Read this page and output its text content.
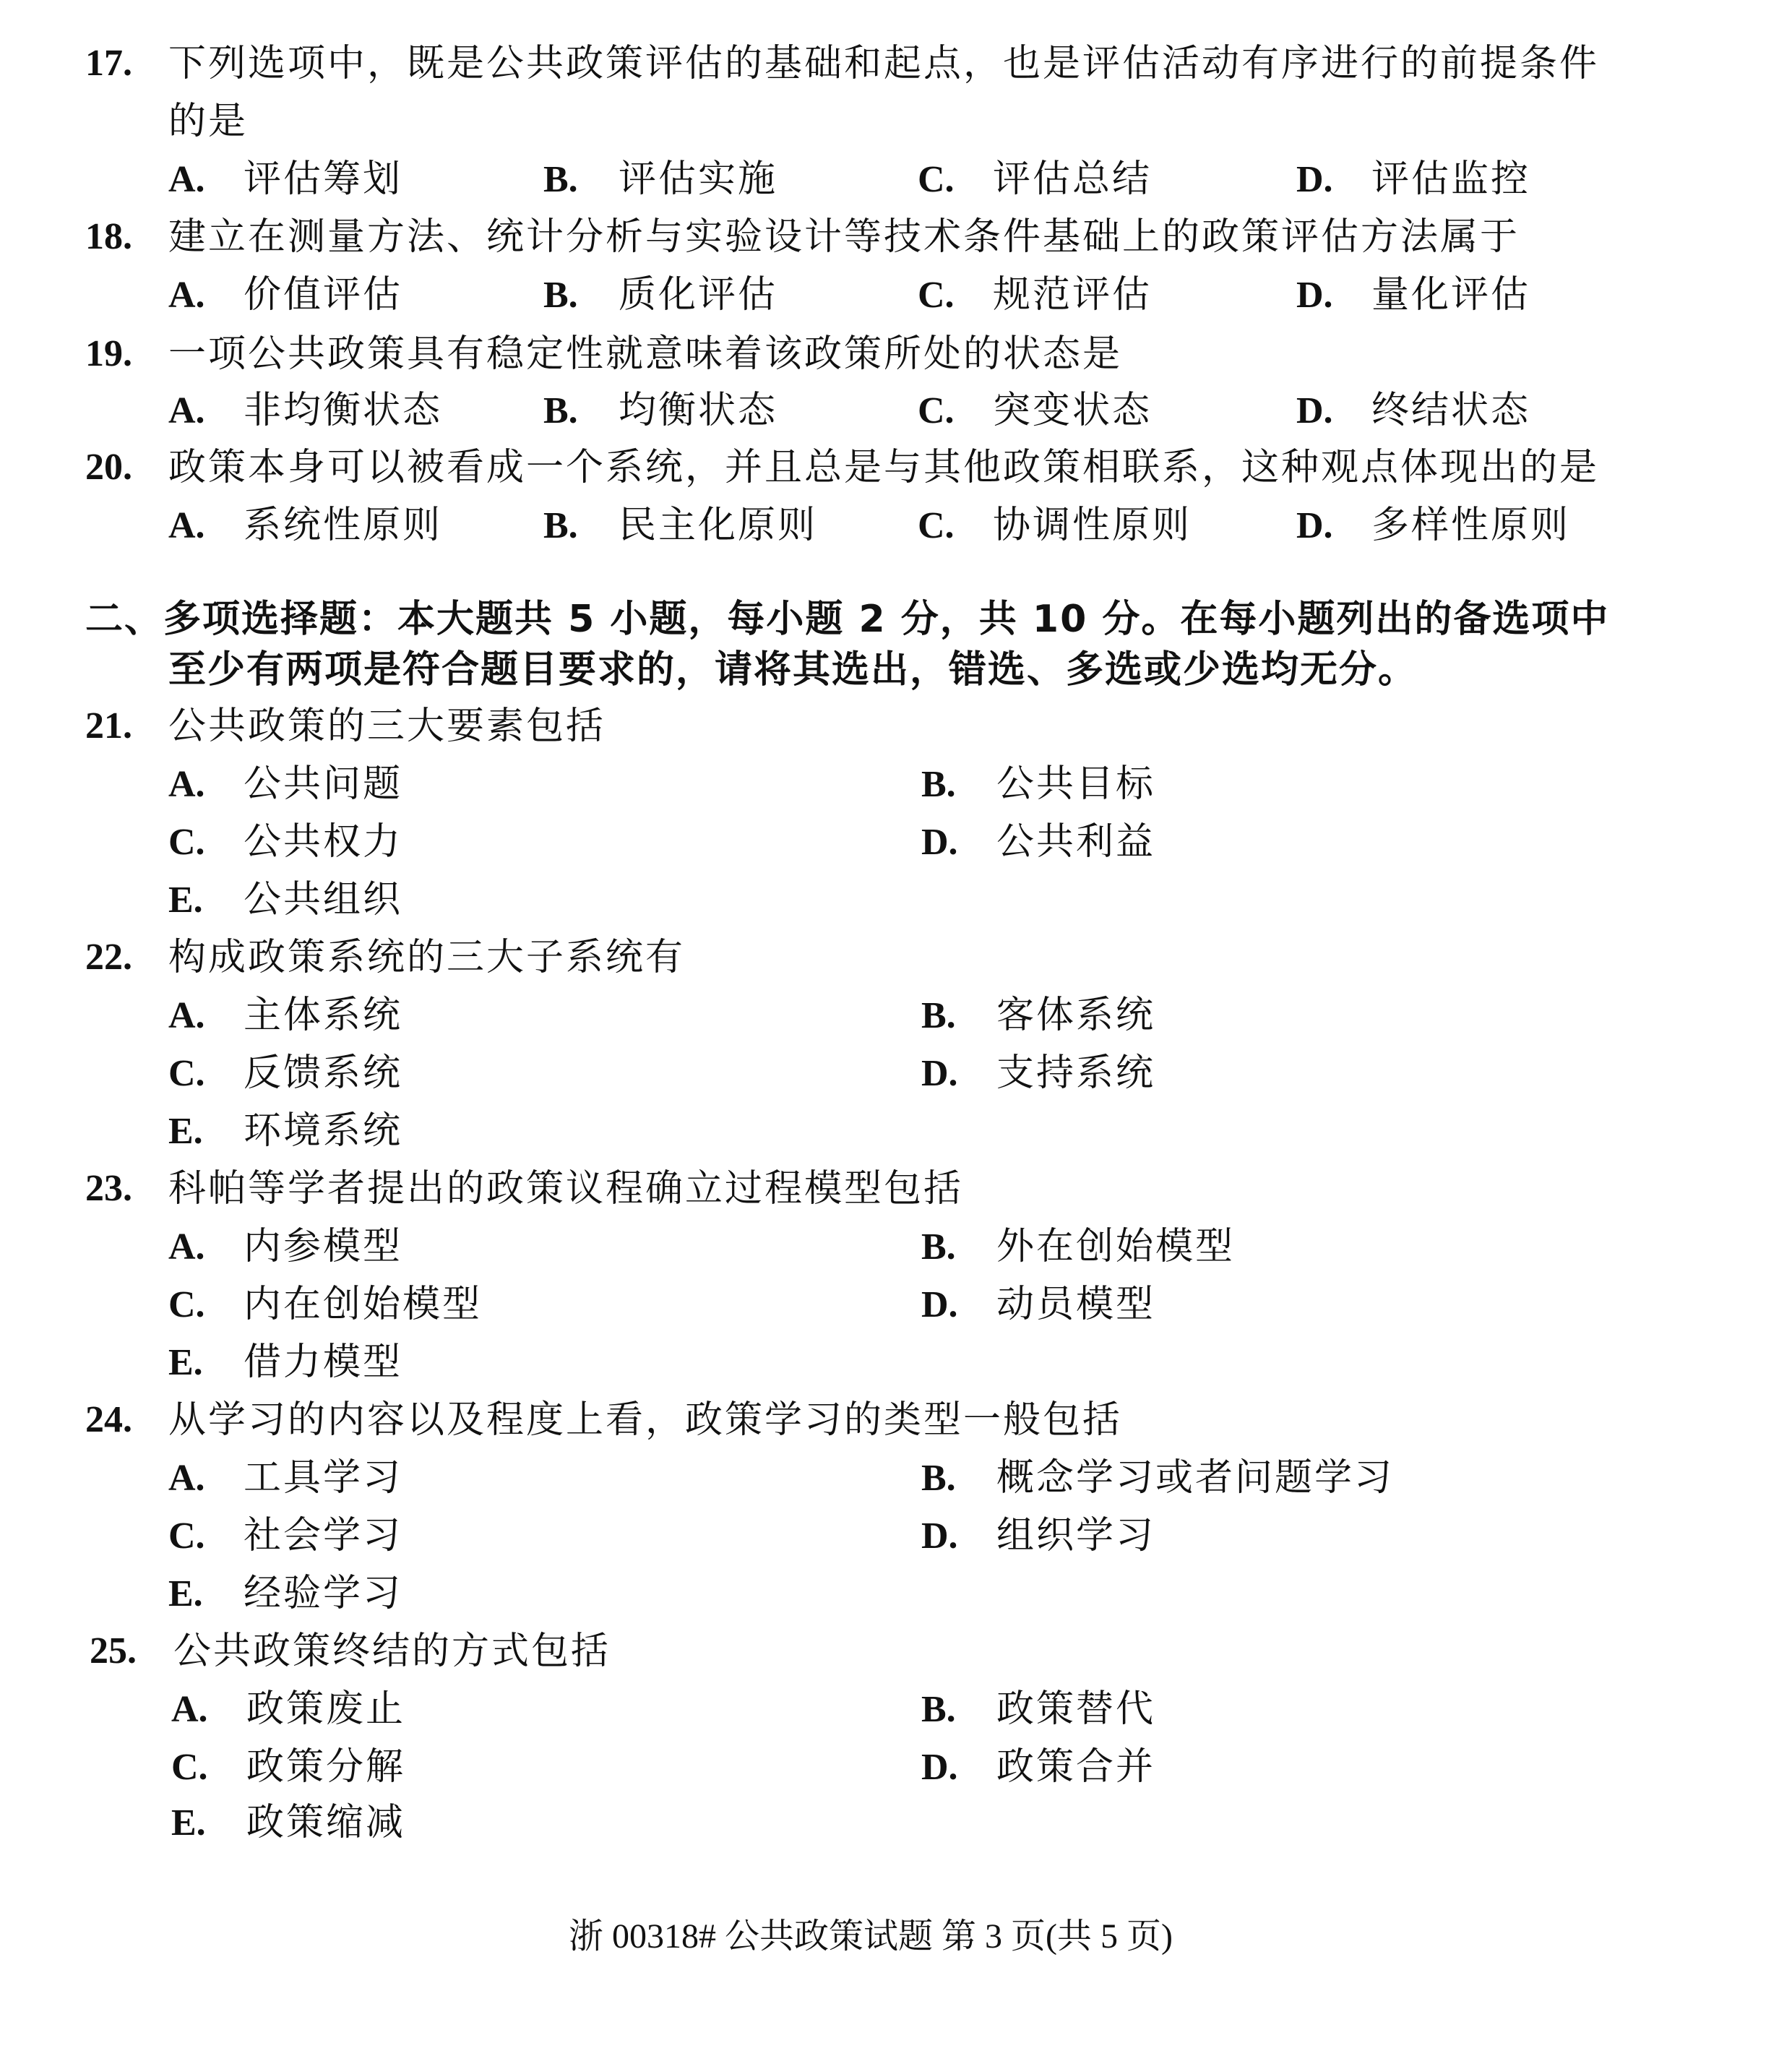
17. 下列选项中，既是公共政策评估的基础和起点，也是评估活动有序进行的前提条件
的是
A. 评估筹划	B. 评估实施	C. 评估总结	D. 评估监控
18. 建立在测量方法、统计分析与实验设计等技术条件基础上的政策评估方法属于
A. 价值评估	B. 质化评估	C. 规范评估	D. 量化评估
19. 一项公共政策具有稳定性就意味着该政策所处的状态是
A. 非均衡状态	B. 均衡状态	C. 突变状态	D. 终结状态
20. 政策本身可以被看成一个系统，并且总是与其他政策相联系，这种观点体现出的是
A. 系统性原则	B. 民主化原则	C. 协调性原则	D. 多样性原则
二、多项选择题：本大题共 5 小题，每小题 2 分，共 10 分。在每小题列出的备选项中
至少有两项是符合题目要求的，请将其选出，错选、多选或少选均无分。
21. 公共政策的三大要素包括
A. 公共问题	B. 公共目标
C. 公共权力	D. 公共利益
E. 公共组织
22. 构成政策系统的三大子系统有
A. 主体系统	B. 客体系统
C. 反馈系统	D. 支持系统
E. 环境系统
23. 科帕等学者提出的政策议程确立过程模型包括
A. 内参模型	B. 外在创始模型
C. 内在创始模型	D. 动员模型
E. 借力模型
24. 从学习的内容以及程度上看，政策学习的类型一般包括
A. 工具学习	B. 概念学习或者问题学习
C. 社会学习	D. 组织学习
E. 经验学习
25. 公共政策终结的方式包括
A. 政策废止	B. 政策替代
C. 政策分解	D. 政策合并
E. 政策缩减
浙 00318# 公共政策试题 第 3 页(共 5 页)
